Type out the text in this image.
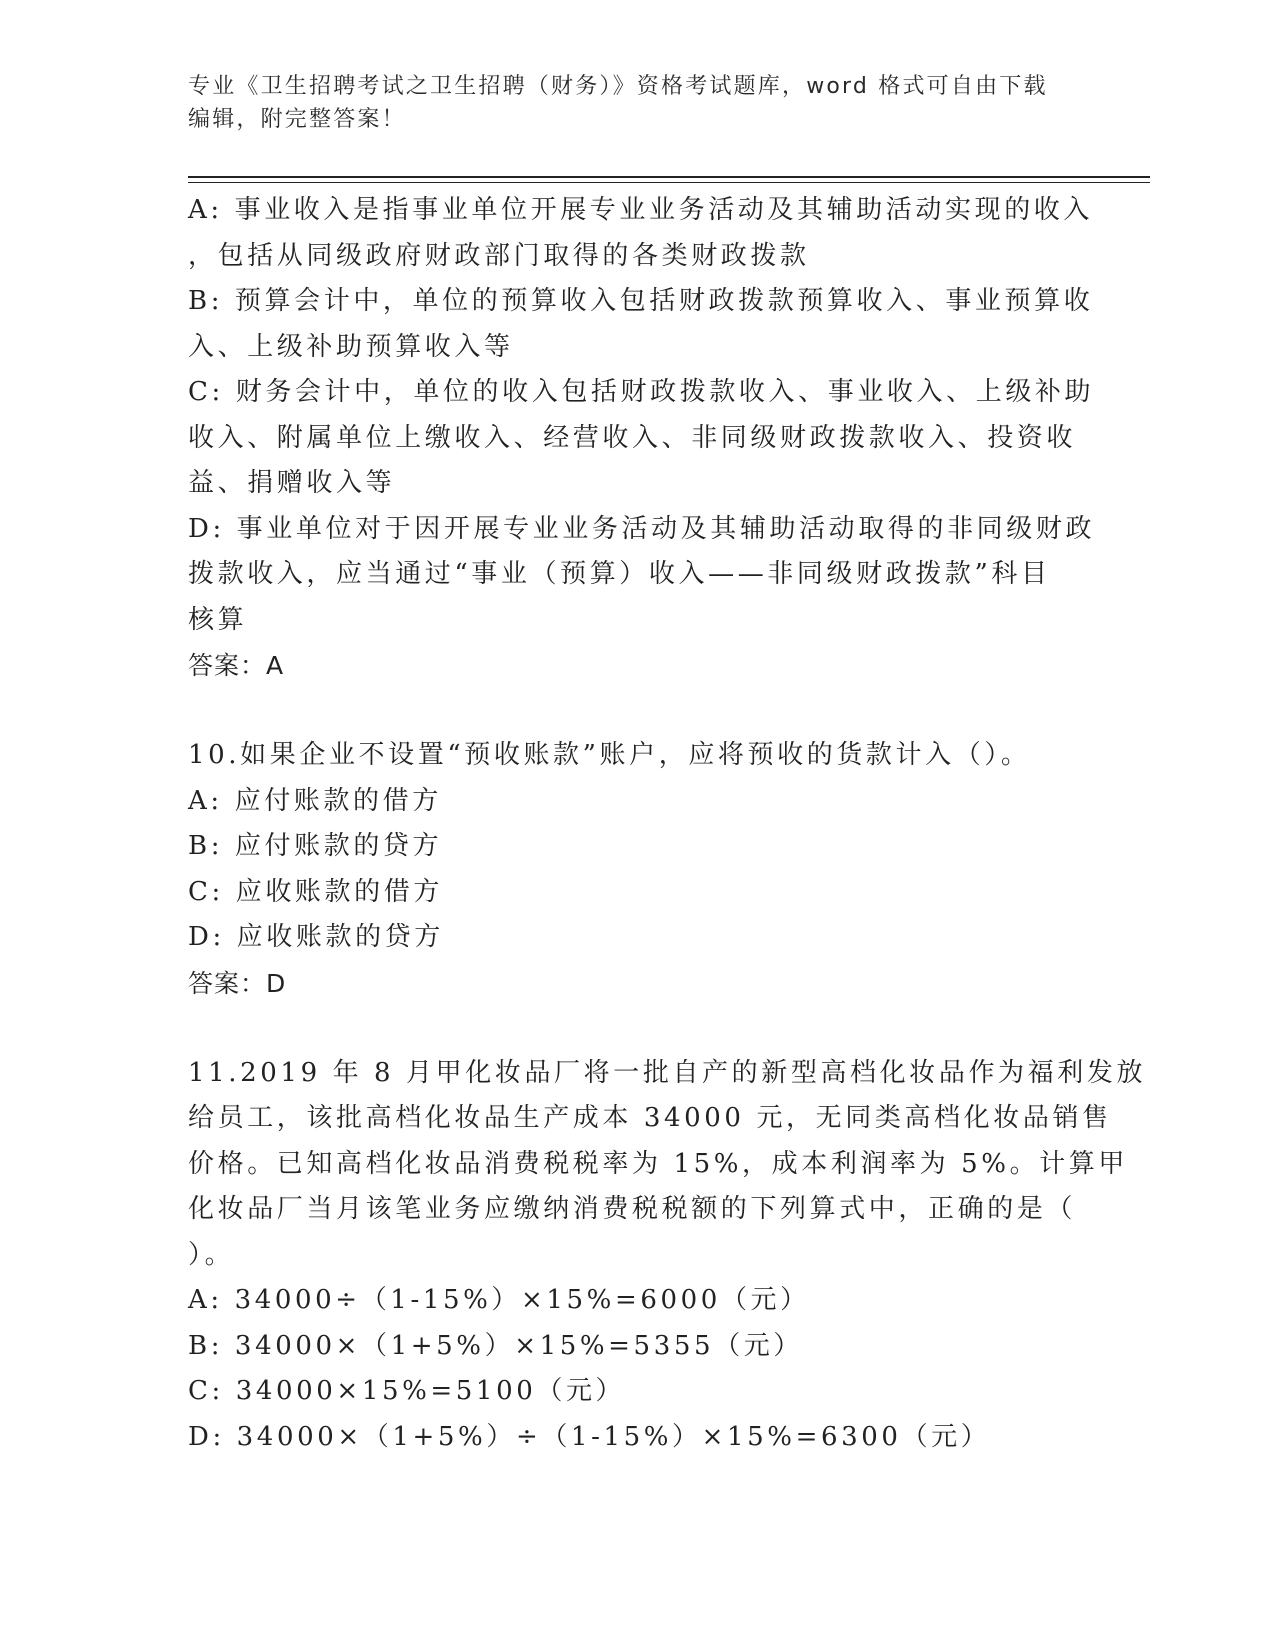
专业《卫生招聘考试之卫生招聘（财务）》资格考试题库，word 格式可自由下载
编辑，附完整答案！
A: 事业收入是指事业单位开展专业业务活动及其辅助活动实现的收入
，包括从同级政府财政部门取得的各类财政拨款
B: 预算会计中，单位的预算收入包括财政拨款预算收入、事业预算收
入、上级补助预算收入等
C: 财务会计中，单位的收入包括财政拨款收入、事业收入、上级补助
收入、附属单位上缴收入、经营收入、非同级财政拨款收入、投资收
益、捐赠收入等
D: 事业单位对于因开展专业业务活动及其辅助活动取得的非同级财政
拨款收入，应当通过“事业（预算）收入——非同级财政拨款”科目
核算
答案：A
10.如果企业不设置“预收账款”账户，应将预收的货款计入（）。
A: 应付账款的借方
B: 应付账款的贷方
C: 应收账款的借方
D: 应收账款的贷方
答案：D
11.2019 年 8 月甲化妆品厂将一批自产的新型高档化妆品作为福利发放
给员工，该批高档化妆品生产成本 34000 元，无同类高档化妆品销售
价格。已知高档化妆品消费税税率为 15%，成本利润率为 5%。计算甲
化妆品厂当月该笔业务应缴纳消费税税额的下列算式中，正确的是（
）。
A: 34000÷（1-15%）×15%=6000（元）
B: 34000×（1+5%）×15%=5355（元）
C: 34000×15%=5100（元）
D: 34000×（1+5%）÷（1-15%）×15%=6300（元）
